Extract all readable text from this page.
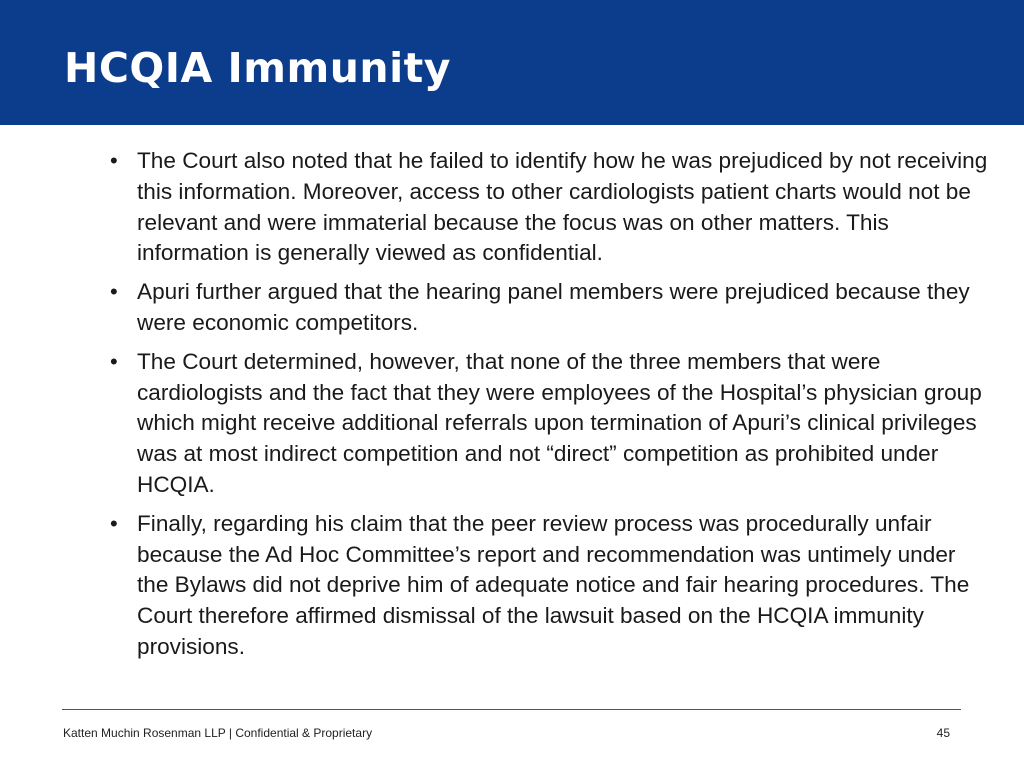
HCQIA Immunity
• The Court also noted that he failed to identify how he was prejudiced by not receiving this information. Moreover, access to other cardiologists patient charts would not be relevant and were immaterial because the focus was on other matters. This information is generally viewed as confidential.
• Apuri further argued that the hearing panel members were prejudiced because they were economic competitors.
• The Court determined, however, that none of the three members that were cardiologists and the fact that they were employees of the Hospital’s physician group which might receive additional referrals upon termination of Apuri’s clinical privileges was at most indirect competition and not “direct” competition as prohibited under HCQIA.
• Finally, regarding his claim that the peer review process was procedurally unfair because the Ad Hoc Committee’s report and recommendation was untimely under the Bylaws did not deprive him of adequate notice and fair hearing procedures. The Court therefore affirmed dismissal of the lawsuit based on the HCQIA immunity provisions.
Katten Muchin Rosenman LLP | Confidential & Proprietary	45
